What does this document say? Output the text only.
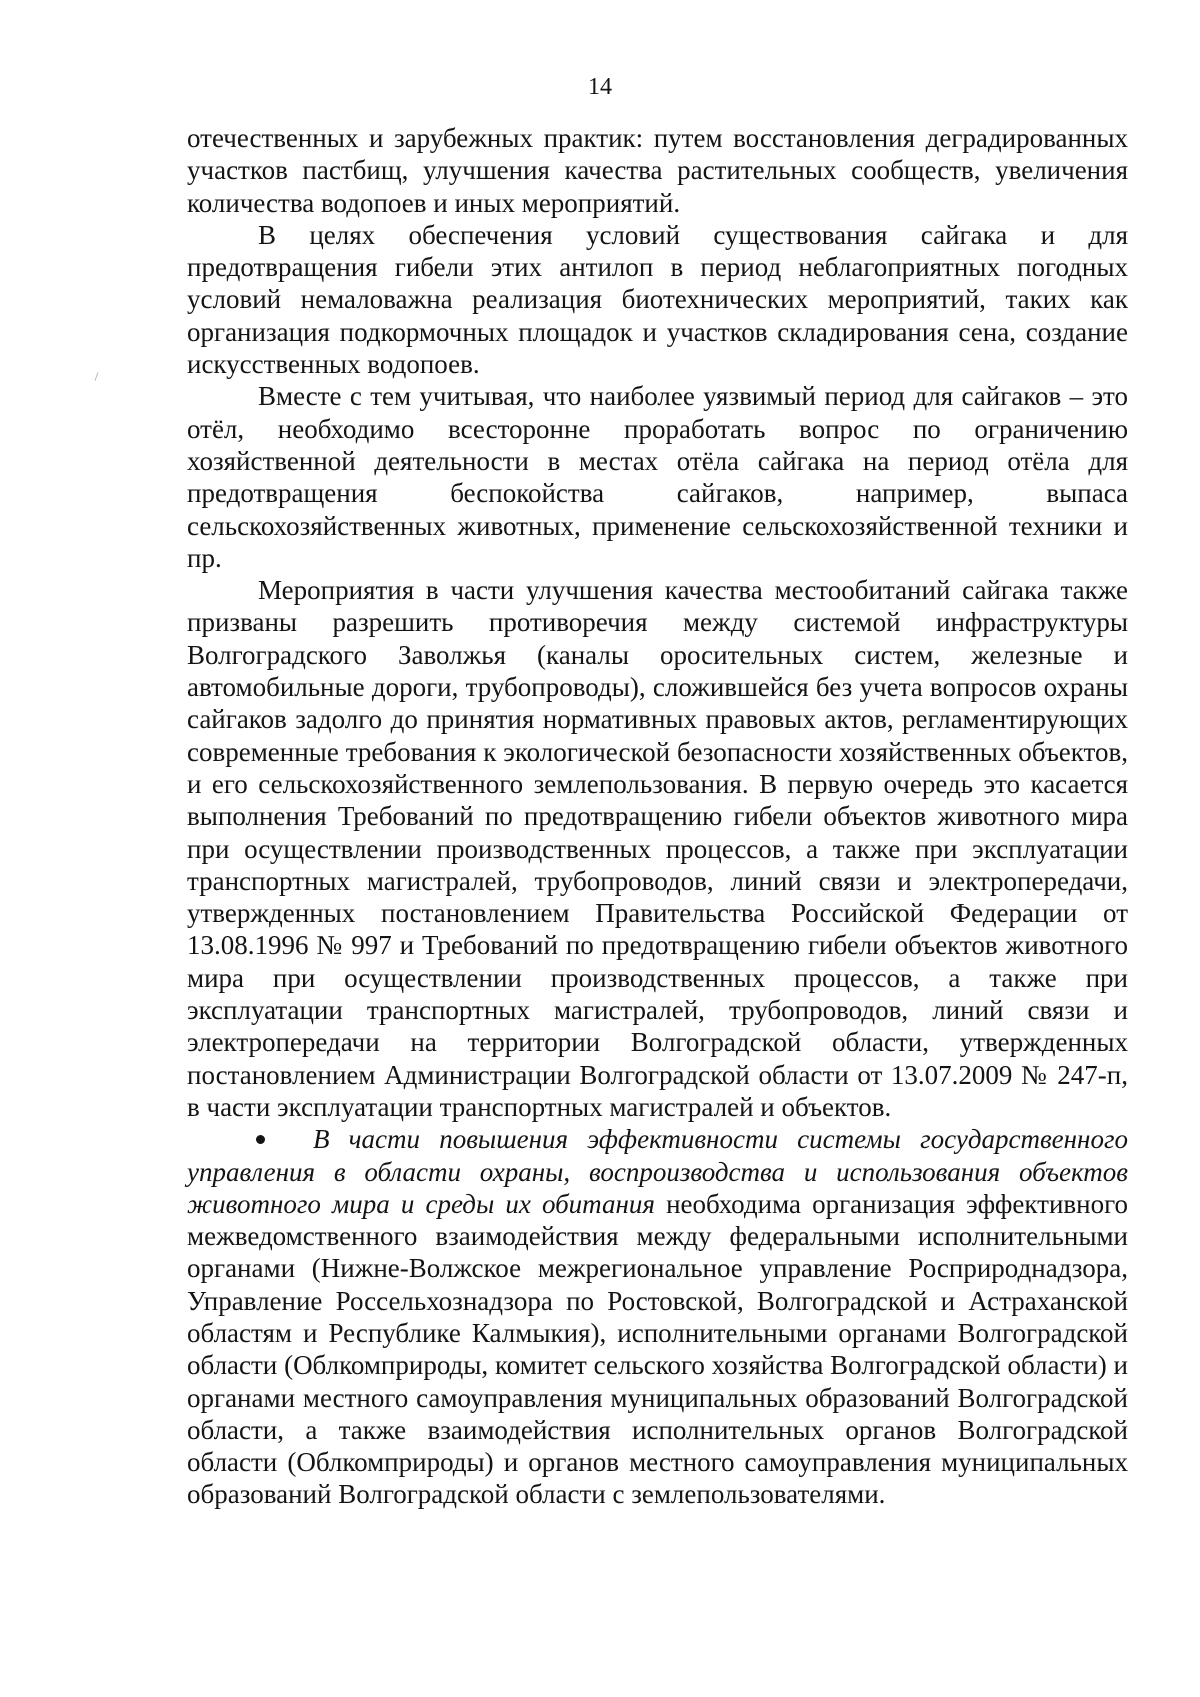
14

отечественных и зарубежных практик: путем восстановления деградированных участков пастбищ, улучшения качества растительных сообществ, увеличения количества водопоев и иных мероприятий.

В целях обеспечения условий существования сайгака и для предотвращения гибели этих антилоп в период неблагоприятных погодных условий немаловажна реализация биотехнических мероприятий, таких как организация подкормочных площадок и участков складирования сена, создание искусственных водопоев.

Вместе с тем учитывая, что наиболее уязвимый период для сайгаков – это отёл, необходимо всесторонне проработать вопрос по ограничению хозяйственной деятельности в местах отёла сайгака на период отёла для предотвращения беспокойства сайгаков, например, выпаса сельскохозяйственных животных, применение сельскохозяйственной техники и пр.

Мероприятия в части улучшения качества местообитаний сайгака также призваны разрешить противоречия между системой инфраструктуры Волгоградского Заволжья (каналы оросительных систем, железные и автомобильные дороги, трубопроводы), сложившейся без учета вопросов охраны сайгаков задолго до принятия нормативных правовых актов, регламентирующих современные требования к экологической безопасности хозяйственных объектов, и его сельскохозяйственного землепользования. В первую очередь это касается выполнения Требований по предотвращению гибели объектов животного мира при осуществлении производственных процессов, а также при эксплуатации транспортных магистралей, трубопроводов, линий связи и электропередачи, утвержденных постановлением Правительства Российской Федерации от 13.08.1996 № 997 и Требований по предотвращению гибели объектов животного мира при осуществлении производственных процессов, а также при эксплуатации транспортных магистралей, трубопроводов, линий связи и электропередачи на территории Волгоградской области, утвержденных постановлением Администрации Волгоградской области от 13.07.2009 № 247-п, в части эксплуатации транспортных магистралей и объектов.

В части повышения эффективности системы государственного управления в области охраны, воспроизводства и использования объектов животного мира и среды их обитания необходима организация эффективного межведомственного взаимодействия между федеральными исполнительными органами (Нижне-Волжское межрегиональное управление Росприроднадзора, Управление Россельхознадзора по Ростовской, Волгоградской и Астраханской областям и Республике Калмыкия), исполнительными органами Волгоградской области (Облкомприроды, комитет сельского хозяйства Волгоградской области) и органами местного самоуправления муниципальных образований Волгоградской области, а также взаимодействия исполнительных органов Волгоградской области (Облкомприроды) и органов местного самоуправления муниципальных образований Волгоградской области с землепользователями.
